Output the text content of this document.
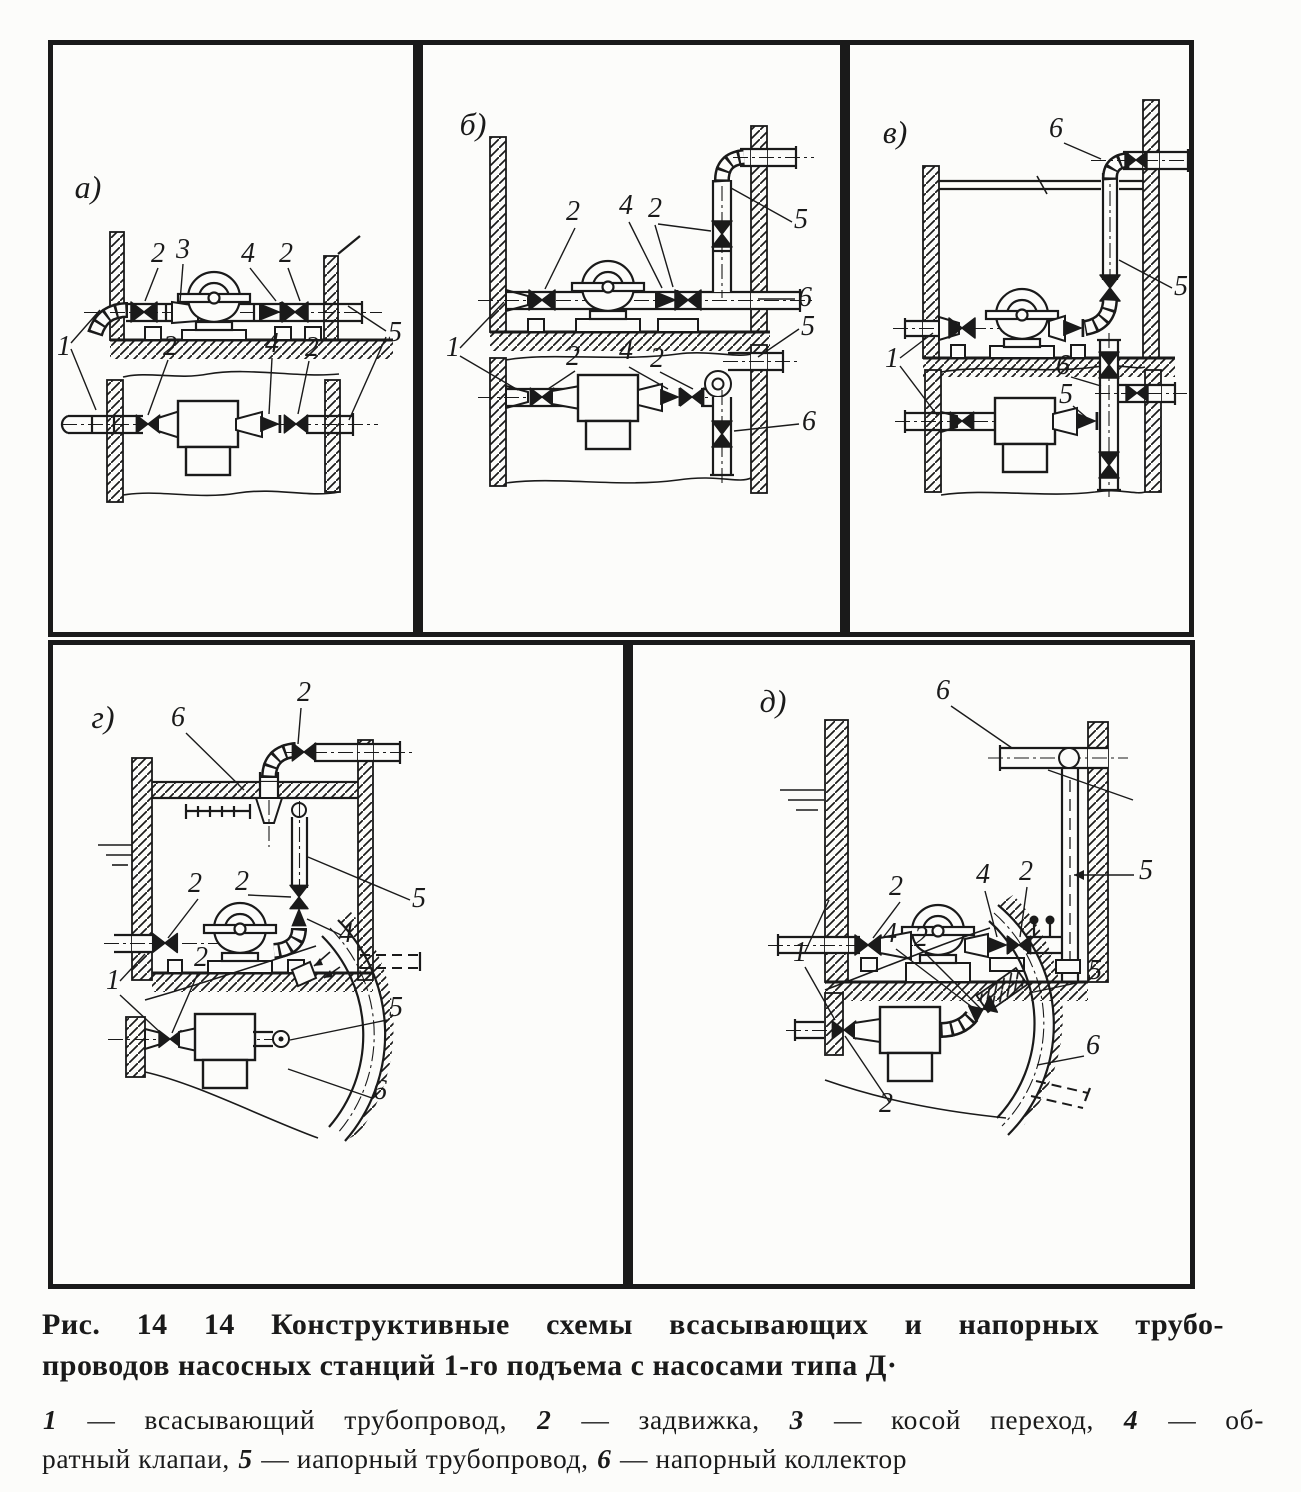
а)
2 3 4 2
1	5
2	4 2
б)
2 4 2	5
6
1	2 4 2
5
6
в)	6
5
1	6
5
г) 6
2
2 2
4
5
1
2
5
6
д)	6
5
2	4 2
1
4 2
5
6
2
Рис. 14 14 Конструктивные схемы всасывающих и напорных трубо-
проводов насосных станций 1-го подъема с насосами типа Д·
1 — всасывающий трубопровод, 2 — задвижка, 3 — косой переход, 4 — об-
ратный клапаи, 5 — иапорный трубопровод, 6 — напорный коллектор
